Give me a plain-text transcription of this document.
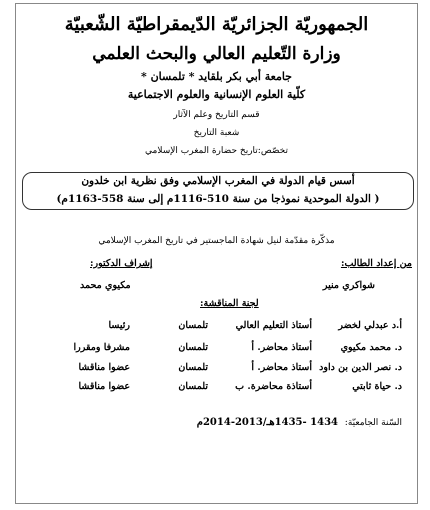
الجمهوريّة الجزائريّة الدّيمقراطيّة الشّعبيّة
وزارة التّعليم العالي والبحث العلمي
جامعة أبي بكر بلقايد * تلمسان *
كلّية العلوم الإنسانية والعلوم الاجتماعية
قسم التاريخ وعلم الآثار
شعبة التاريخ
تخصّص:تاريخ حضارة المغرب الإسلامي
أسس قيام الدولة في المغرب الإسلامي وفق نظرية ابن خلدون
( الدولة الموحدية نموذجا من سنة 510-1116م إلى سنة 558-1163م)
مذكّرة مقدّمة لنيل شهادة الماجستير في تاريخ المغرب الإسلامي
من إعداد الطالب:
إشراف الدكتور:
شواكري منير
مكيوي محمد
لجنة المناقشة:
أ.د عبدلي لخضر
أستاذ التعليم العالي
تلمسان
رئيسا
د. محمد مكيوي
أستاذ محاضر. أ
تلمسان
مشرفا ومقررا
د. نصر الدين بن داود
أستاذ محاضر. أ
تلمسان
عضوا مناقشا
د. حياة ثابتي
أستاذة محاضرة. ب
تلمسان
عضوا مناقشا
السّنة الجامعيّة:
1434 -1435هـ/2013-2014م
